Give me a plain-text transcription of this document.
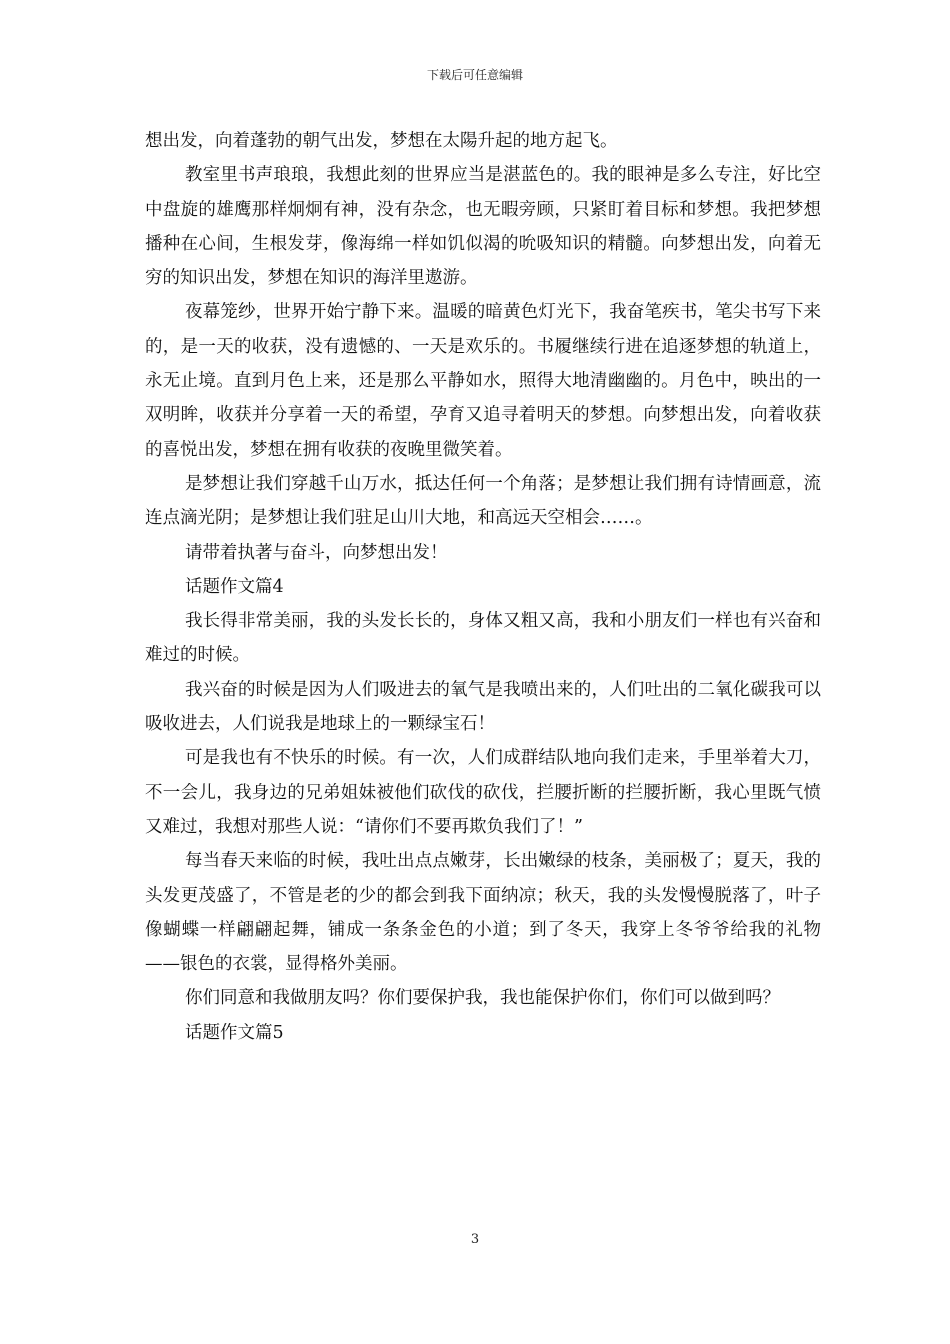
下载后可任意编辑

想出发，向着蓬勃的朝气出发，梦想在太陽升起的地方起飞。

教室里书声琅琅，我想此刻的世界应当是湛蓝色的。我的眼神是多么专注，好比空中盘旋的雄鹰那样炯炯有神，没有杂念，也无暇旁顾，只紧盯着目标和梦想。我把梦想播种在心间，生根发芽，像海绵一样如饥似渴的吮吸知识的精髓。向梦想出发，向着无穷的知识出发，梦想在知识的海洋里遨游。

夜幕笼纱，世界开始宁静下来。温暖的暗黄色灯光下，我奋笔疾书，笔尖书写下来的，是一天的收获，没有遗憾的、一天是欢乐的。书履继续行进在追逐梦想的轨道上，永无止境。直到月色上来，还是那么平静如水，照得大地清幽幽的。月色中，映出的一双明眸，收获并分享着一天的希望，孕育又追寻着明天的梦想。向梦想出发，向着收获的喜悦出发，梦想在拥有收获的夜晚里微笑着。

是梦想让我们穿越千山万水，抵达任何一个角落；是梦想让我们拥有诗情画意，流连点滴光阴；是梦想让我们驻足山川大地，和高远天空相会……。

请带着执著与奋斗，向梦想出发！

话题作文篇4

我长得非常美丽，我的头发长长的，身体又粗又高，我和小朋友们一样也有兴奋和难过的时候。

我兴奋的时候是因为人们吸进去的氧气是我喷出来的，人们吐出的二氧化碳我可以吸收进去，人们说我是地球上的一颗绿宝石！

可是我也有不快乐的时候。有一次，人们成群结队地向我们走来，手里举着大刀，不一会儿，我身边的兄弟姐妹被他们砍伐的砍伐，拦腰折断的拦腰折断，我心里既气愤又难过，我想对那些人说：“请你们不要再欺负我们了！”

每当春天来临的时候，我吐出点点嫩芽，长出嫩绿的枝条，美丽极了；夏天，我的头发更茂盛了，不管是老的少的都会到我下面纳凉；秋天，我的头发慢慢脱落了，叶子像蝴蝶一样翩翩起舞，铺成一条条金色的小道；到了冬天，我穿上冬爷爷给我的礼物——银色的衣裳，显得格外美丽。

你们同意和我做朋友吗？你们要保护我，我也能保护你们，你们可以做到吗？

话题作文篇5

3
